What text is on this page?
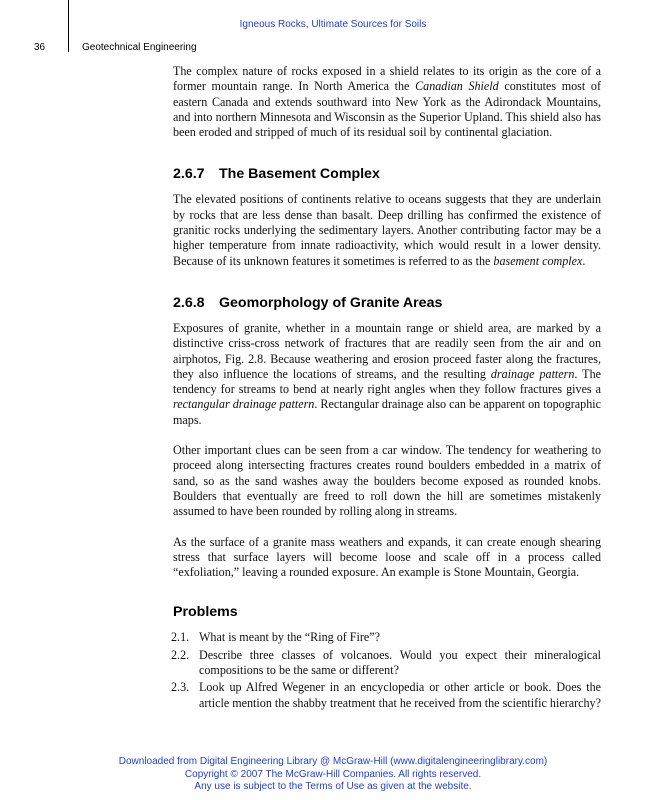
Igneous Rocks, Ultimate Sources for Soils
36	Geotechnical Engineering

The complex nature of rocks exposed in a shield relates to its origin as the core of a former mountain range. In North America the Canadian Shield constitutes most of eastern Canada and extends southward into New York as the Adirondack Mountains, and into northern Minnesota and Wisconsin as the Superior Upland. This shield also has been eroded and stripped of much of its residual soil by continental glaciation.

2.6.7 The Basement Complex

The elevated positions of continents relative to oceans suggests that they are underlain by rocks that are less dense than basalt. Deep drilling has confirmed the existence of granitic rocks underlying the sedimentary layers. Another contributing factor may be a higher temperature from innate radioactivity, which would result in a lower density. Because of its unknown features it sometimes is referred to as the basement complex.

2.6.8 Geomorphology of Granite Areas

Exposures of granite, whether in a mountain range or shield area, are marked by a distinctive criss-cross network of fractures that are readily seen from the air and on airphotos, Fig. 2.8. Because weathering and erosion proceed faster along the fractures, they also influence the locations of streams, and the resulting drainage pattern. The tendency for streams to bend at nearly right angles when they follow fractures gives a rectangular drainage pattern. Rectangular drainage also can be apparent on topographic maps.

Other important clues can be seen from a car window. The tendency for weathering to proceed along intersecting fractures creates round boulders embedded in a matrix of sand, so as the sand washes away the boulders become exposed as rounded knobs. Boulders that eventually are freed to roll down the hill are sometimes mistakenly assumed to have been rounded by rolling along in streams.

As the surface of a granite mass weathers and expands, it can create enough shearing stress that surface layers will become loose and scale off in a process called “exfoliation,” leaving a rounded exposure. An example is Stone Mountain, Georgia.

Problems
2.1. What is meant by the “Ring of Fire”?
2.2. Describe three classes of volcanoes. Would you expect their mineralogical compositions to be the same or different?
2.3. Look up Alfred Wegener in an encyclopedia or other article or book. Does the article mention the shabby treatment that he received from the scientific hierarchy?
Downloaded from Digital Engineering Library @ McGraw-Hill (www.digitalengineeringlibrary.com)
Copyright © 2007 The McGraw-Hill Companies. All rights reserved.
Any use is subject to the Terms of Use as given at the website.
